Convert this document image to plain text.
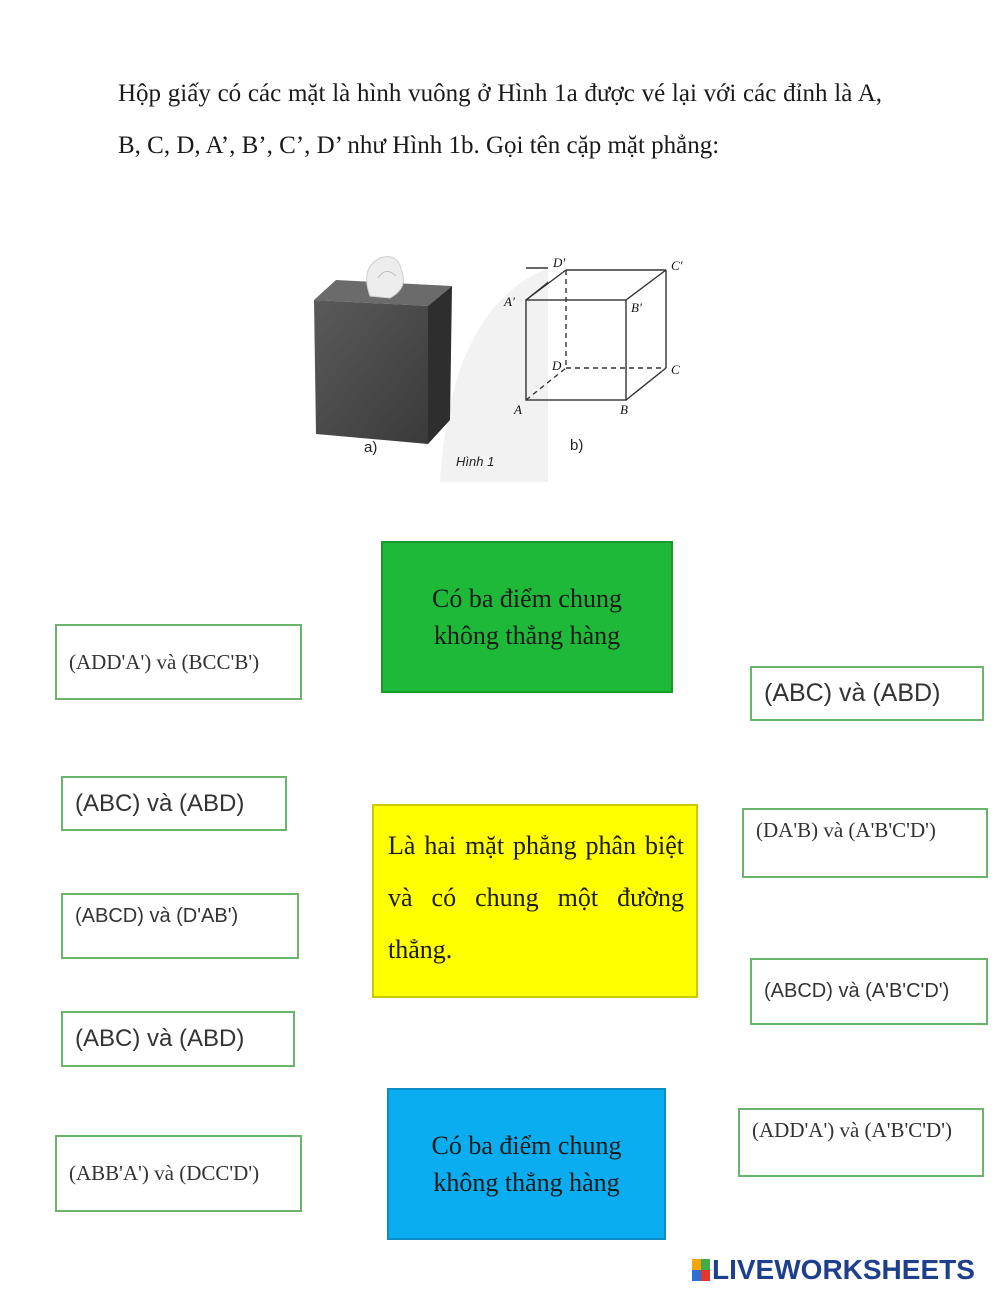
Hộp giấy có các mặt là hình vuông ở Hình 1a được vé lại với các đỉnh là A, B, C, D, A’, B’, C’, D’ như Hình 1b. Gọi tên cặp mặt phẳng:
D'	C'
A'	B'
D	C
A	B
b)
a)
Hình 1
Có ba điểm chung không thẳng hàng
Là hai mặt phẳng phân biệt và có chung một đường thẳng.
Có ba điểm chung không thẳng hàng
(ADD'A') và (BCC'B')
(ABC) và (ABD)
(ABCD) và (D'AB')
(ABC) và (ABD)
(ABB'A') và (DCC'D')
(ABC) và (ABD)
(DA'B) và (A'B'C'D')
(ABCD) và (A'B'C'D')
(ADD'A') và (A'B'C'D')
LIVEWORKSHEETS
